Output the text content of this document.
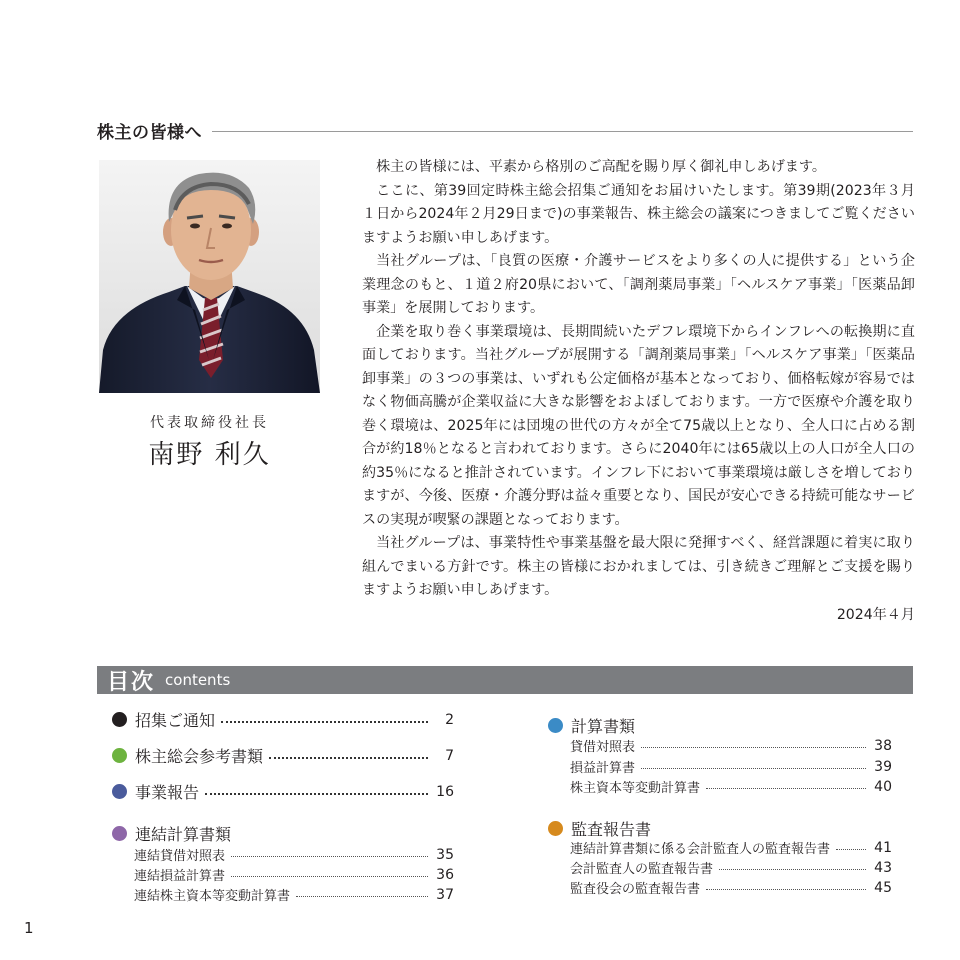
株主の皆様へ
代表取締役社長
南野 利久

株主の皆様には、平素から格別のご高配を賜り厚く御礼申しあげます。

ここに、第39回定時株主総会招集ご通知をお届けいたします。第39期(2023年３月１日から2024年２月29日まで)の事業報告、株主総会の議案につきましてご覧くださいますようお願い申しあげます。

当社グループは、「良質の医療・介護サービスをより多くの人に提供する」という企業理念のもと、１道２府20県において、「調剤薬局事業」「ヘルスケア事業」「医薬品卸事業」を展開しております。

企業を取り巻く事業環境は、長期間続いたデフレ環境下からインフレへの転換期に直面しております。当社グループが展開する「調剤薬局事業」「ヘルスケア事業」「医薬品卸事業」の３つの事業は、いずれも公定価格が基本となっており、価格転嫁が容易ではなく物価高騰が企業収益に大きな影響をおよぼしております。一方で医療や介護を取り巻く環境は、2025年には団塊の世代の方々が全て75歳以上となり、全人口に占める割合が約18％となると言われております。さらに2040年には65歳以上の人口が全人口の約35％になると推計されています。インフレ下において事業環境は厳しさを増しておりますが、今後、医療・介護分野は益々重要となり、国民が安心できる持続可能なサービスの実現が喫緊の課題となっております。

当社グループは、事業特性や事業基盤を最大限に発揮すべく、経営課題に着実に取り組んでまいる方針です。株主の皆様におかれましては、引き続きご理解とご支援を賜りますようお願い申しあげます。

2024年４月

目次 contents
招集ご通知	2
株主総会参考書類	7
事業報告	16
連結計算書類
連結貸借対照表	35
連結損益計算書	36
連結株主資本等変動計算書	37
計算書類
貸借対照表	38
損益計算書	39
株主資本等変動計算書	40
監査報告書
連結計算書類に係る会計監査人の監査報告書	41
会計監査人の監査報告書	43
監査役会の監査報告書	45
1
